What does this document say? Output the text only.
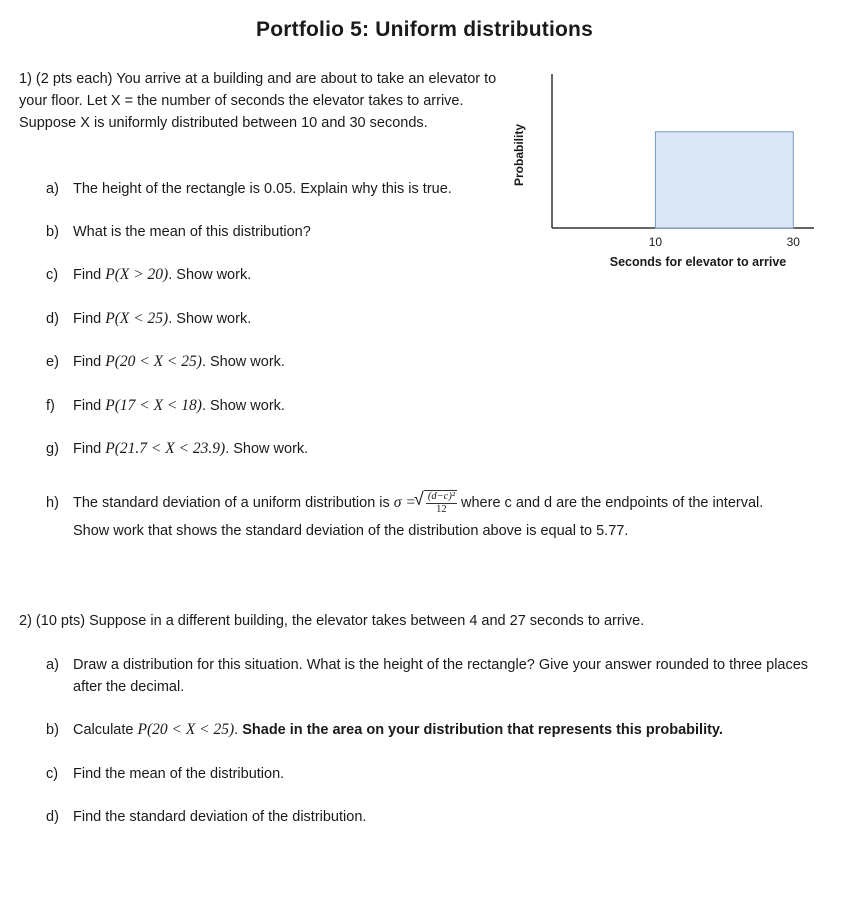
Portfolio 5: Uniform distributions
1) (2 pts each) You arrive at a building and are about to take an elevator to your floor. Let X = the number of seconds the elevator takes to arrive. Suppose X is uniformly distributed between 10 and 30 seconds.
Probability
10	30
Seconds for elevator to arrive
a) The height of the rectangle is 0.05. Explain why this is true.
b) What is the mean of this distribution?
c) Find P(X > 20). Show work.
d) Find P(X < 25). Show work.
e) Find P(20 < X < 25). Show work.
f) Find P(17 < X < 18). Show work.
g) Find P(21.7 < X < 23.9). Show work.
h) The standard deviation of a uniform distribution is σ =
√ $\frac{\text{(d−c)²}}{12}$ where c and d are the endpoints of the interval.
Show work that shows the standard deviation of the distribution above is equal to 5.77.
2) (10 pts) Suppose in a different building, the elevator takes between 4 and 27 seconds to arrive.
a) Draw a distribution for this situation. What is the height of the rectangle? Give your answer rounded to three places after the decimal.
b) Calculate P(20 < X < 25). Shade in the area on your distribution that represents this probability.
c) Find the mean of the distribution.
d) Find the standard deviation of the distribution.
